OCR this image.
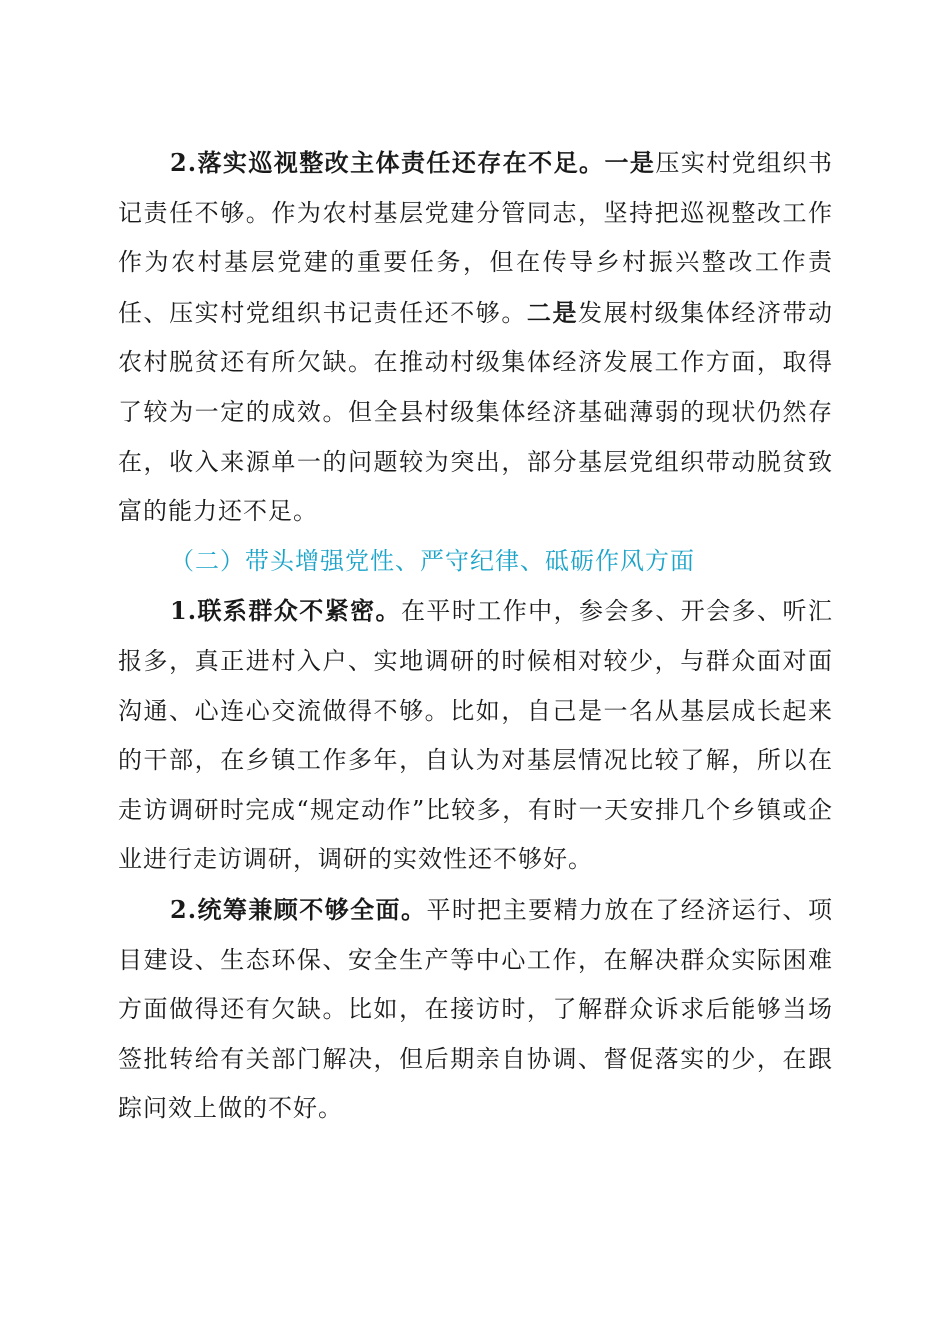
2.落实巡视整改主体责任还存在不足。一是压实村党组织书记责任不够。作为农村基层党建分管同志，坚持把巡视整改工作作为农村基层党建的重要任务，但在传导乡村振兴整改工作责任、压实村党组织书记责任还不够。二是发展村级集体经济带动农村脱贫还有所欠缺。在推动村级集体经济发展工作方面，取得了较为一定的成效。但全县村级集体经济基础薄弱的现状仍然存在，收入来源单一的问题较为突出，部分基层党组织带动脱贫致富的能力还不足。

（二）带头增强党性、严守纪律、砥砺作风方面

1.联系群众不紧密。在平时工作中，参会多、开会多、听汇报多，真正进村入户、实地调研的时候相对较少，与群众面对面沟通、心连心交流做得不够。比如，自己是一名从基层成长起来的干部，在乡镇工作多年，自认为对基层情况比较了解，所以在走访调研时完成“规定动作”比较多，有时一天安排几个乡镇或企业进行走访调研，调研的实效性还不够好。

2.统筹兼顾不够全面。平时把主要精力放在了经济运行、项目建设、生态环保、安全生产等中心工作，在解决群众实际困难方面做得还有欠缺。比如，在接访时，了解群众诉求后能够当场签批转给有关部门解决，但后期亲自协调、督促落实的少，在跟踪问效上做的不好。
